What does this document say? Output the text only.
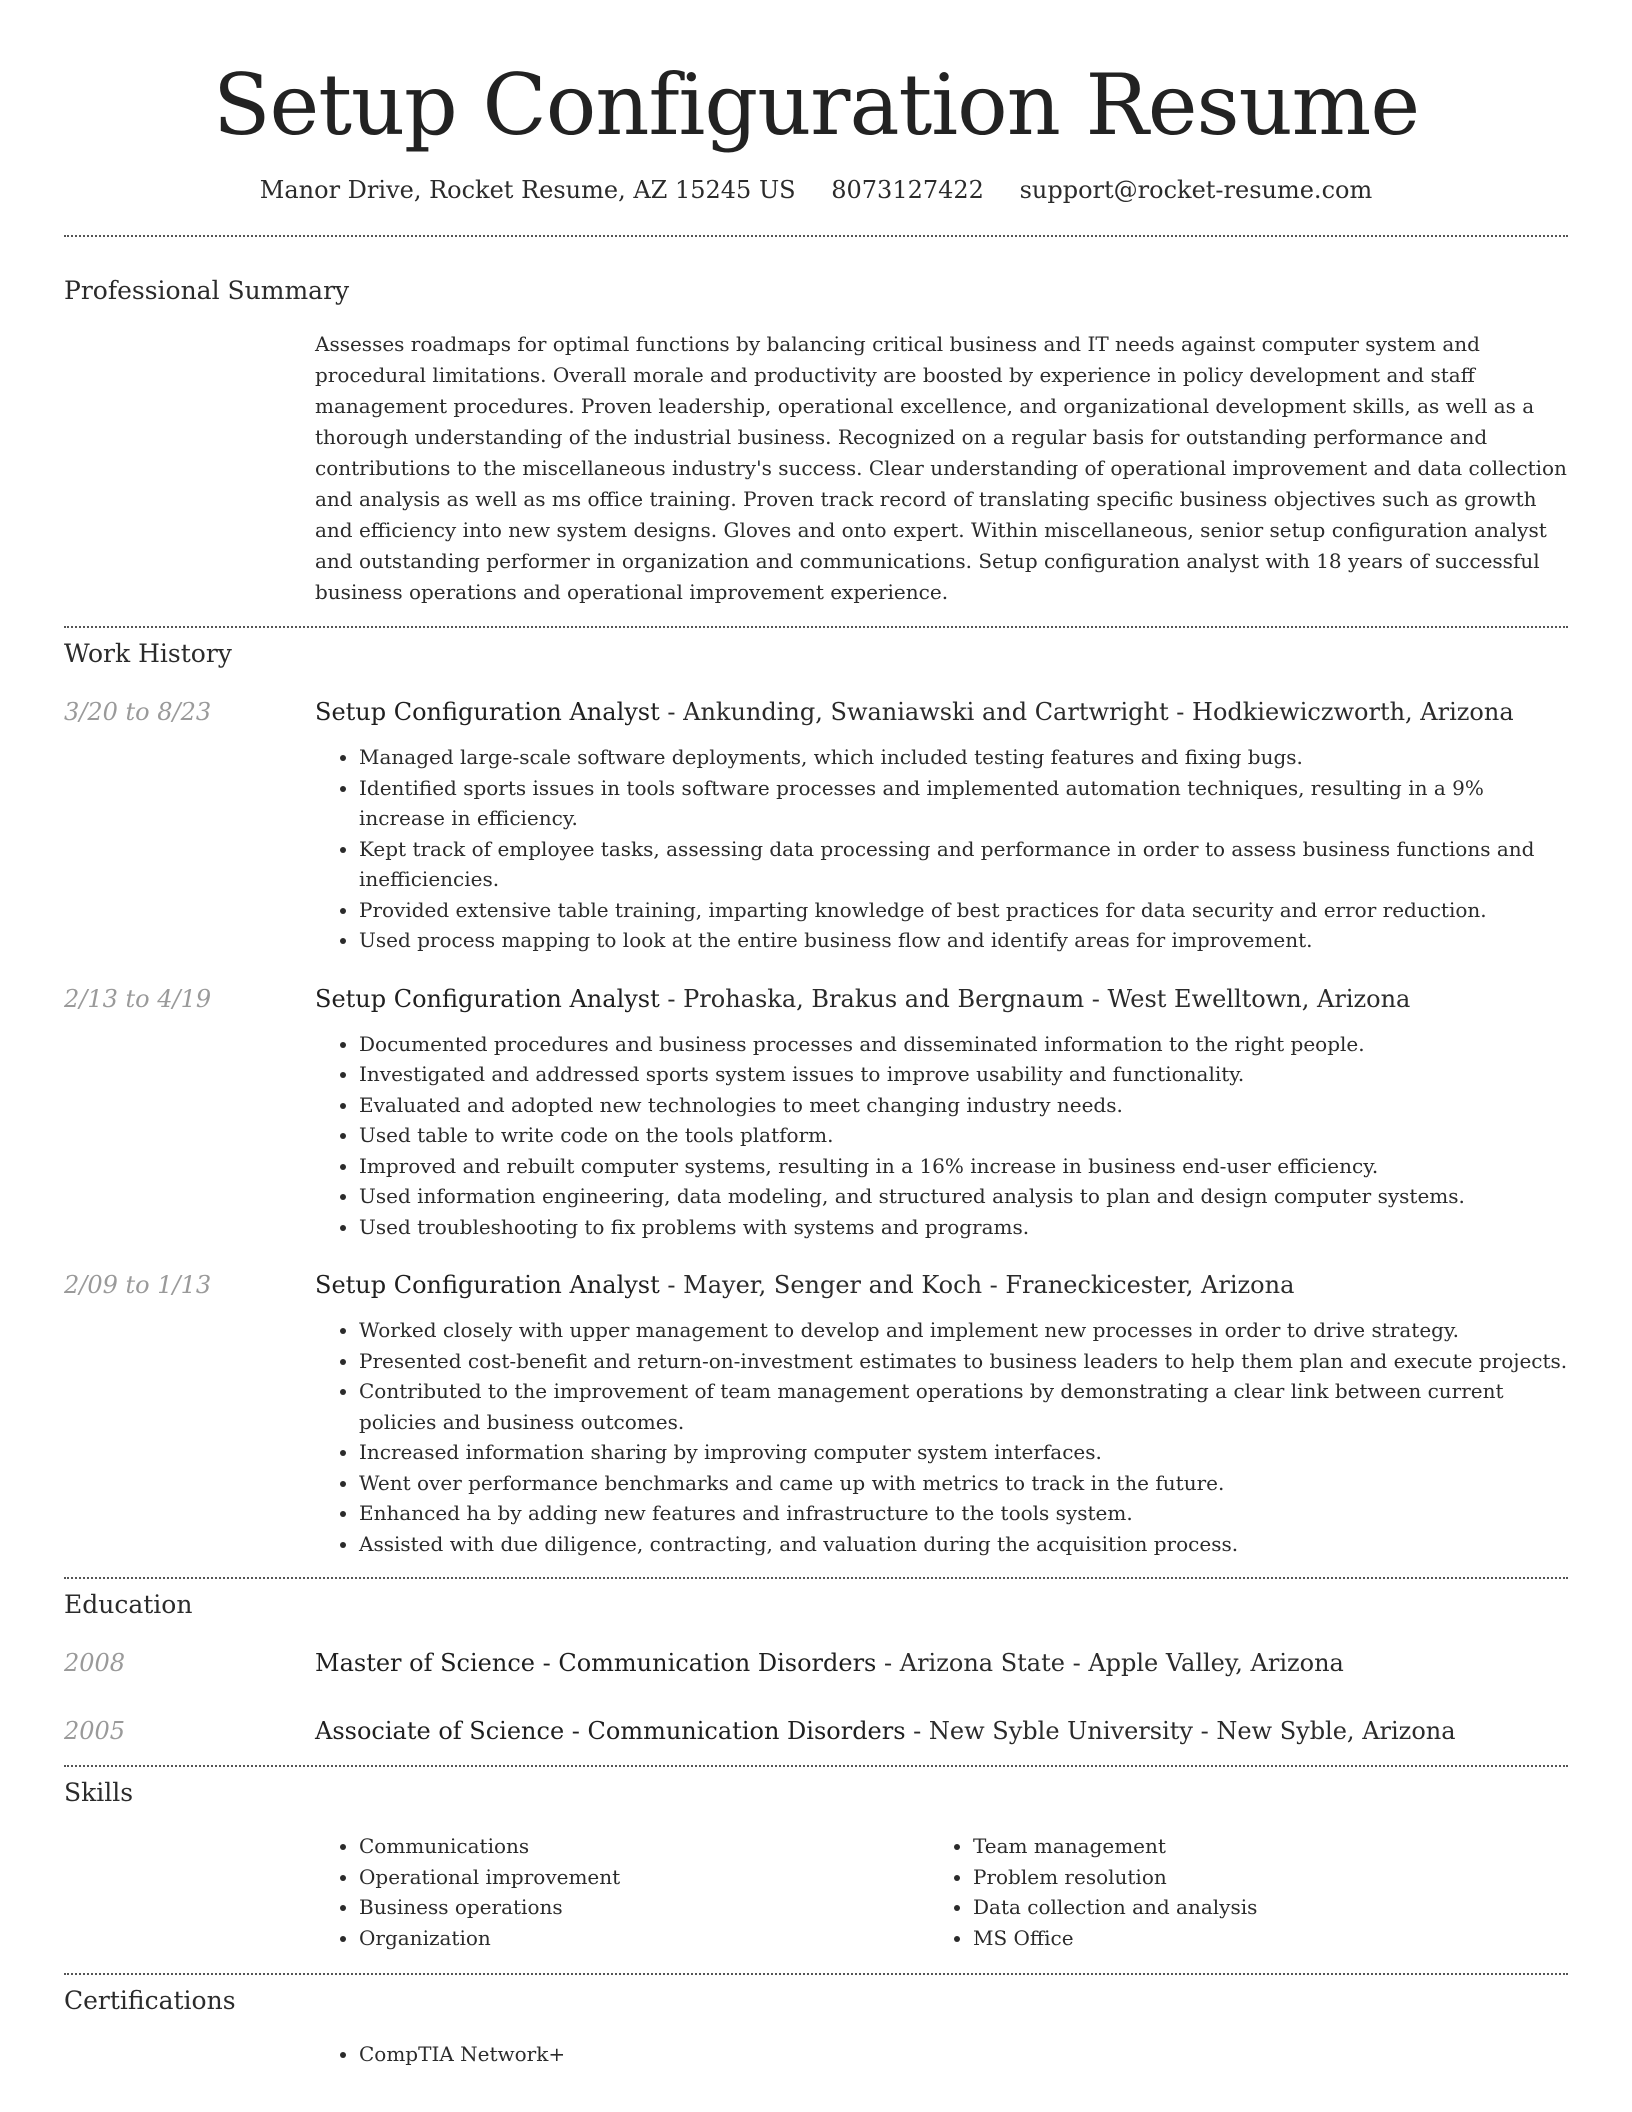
Setup Configuration Resume
Manor Drive, Rocket Resume, AZ 15245 US 8073127422 support@rocket-resume.com
Professional Summary
Assesses roadmaps for optimal functions by balancing critical business and IT needs against computer system and procedural limitations. Overall morale and productivity are boosted by experience in policy development and staff management procedures. Proven leadership, operational excellence, and organizational development skills, as well as a thorough understanding of the industrial business. Recognized on a regular basis for outstanding performance and contributions to the miscellaneous industry's success. Clear understanding of operational improvement and data collection and analysis as well as ms office training. Proven track record of translating specific business objectives such as growth and efficiency into new system designs. Gloves and onto expert. Within miscellaneous, senior setup configuration analyst and outstanding performer in organization and communications. Setup configuration analyst with 18 years of successful business operations and operational improvement experience.
Work History
3/20 to 8/23	Setup Configuration Analyst - Ankunding, Swaniawski and Cartwright - Hodkiewiczworth, Arizona
• Managed large-scale software deployments, which included testing features and fixing bugs.
• Identified sports issues in tools software processes and implemented automation techniques, resulting in a 9% increase in efficiency.
• Kept track of employee tasks, assessing data processing and performance in order to assess business functions and inefficiencies.
• Provided extensive table training, imparting knowledge of best practices for data security and error reduction.
• Used process mapping to look at the entire business flow and identify areas for improvement.
2/13 to 4/19	Setup Configuration Analyst - Prohaska, Brakus and Bergnaum - West Ewelltown, Arizona
• Documented procedures and business processes and disseminated information to the right people.
• Investigated and addressed sports system issues to improve usability and functionality.
• Evaluated and adopted new technologies to meet changing industry needs.
• Used table to write code on the tools platform.
• Improved and rebuilt computer systems, resulting in a 16% increase in business end-user efficiency.
• Used information engineering, data modeling, and structured analysis to plan and design computer systems.
• Used troubleshooting to fix problems with systems and programs.
2/09 to 1/13	Setup Configuration Analyst - Mayer, Senger and Koch - Franeckicester, Arizona
• Worked closely with upper management to develop and implement new processes in order to drive strategy.
• Presented cost-benefit and return-on-investment estimates to business leaders to help them plan and execute projects.
• Contributed to the improvement of team management operations by demonstrating a clear link between current policies and business outcomes.
• Increased information sharing by improving computer system interfaces.
• Went over performance benchmarks and came up with metrics to track in the future.
• Enhanced ha by adding new features and infrastructure to the tools system.
• Assisted with due diligence, contracting, and valuation during the acquisition process.
Education
2008	Master of Science - Communication Disorders - Arizona State - Apple Valley, Arizona
2005	Associate of Science - Communication Disorders - New Syble University - New Syble, Arizona
Skills
• Communications
• Operational improvement
• Business operations
• Organization
• Team management
• Problem resolution
• Data collection and analysis
• MS Office
Certifications
• CompTIA Network+
